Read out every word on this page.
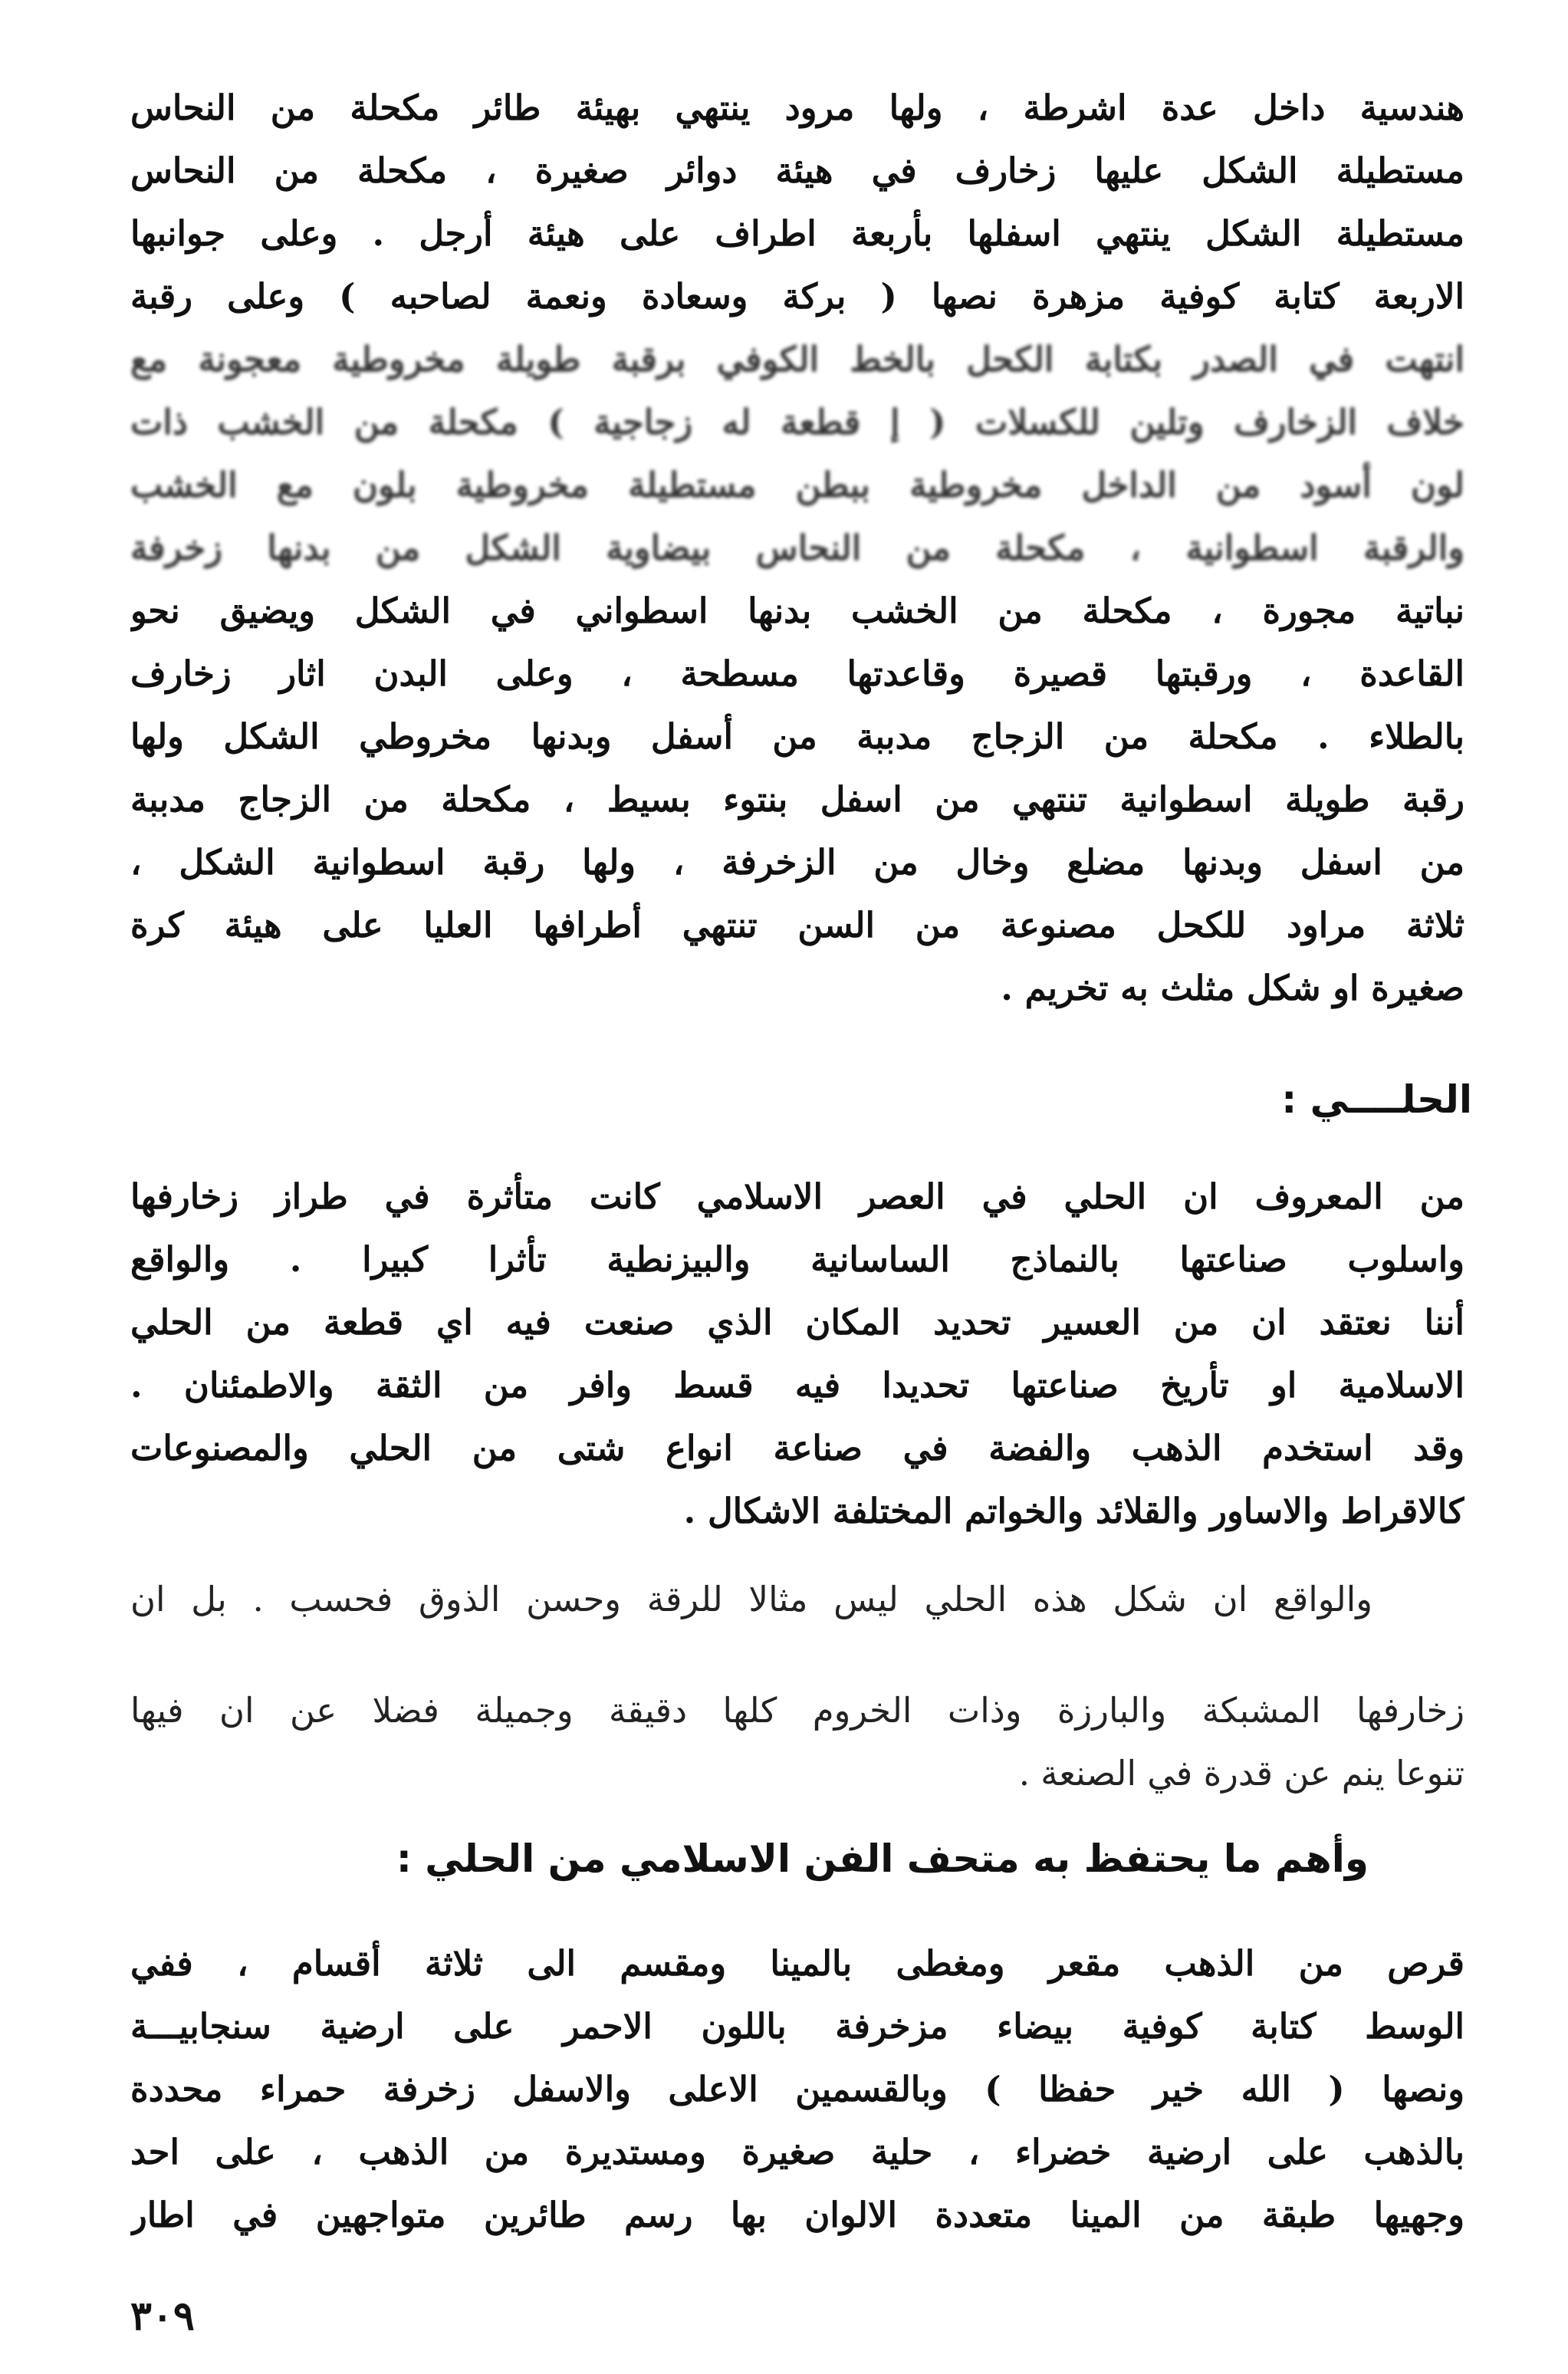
هندسية داخل عدة اشرطة ، ولها مرود ينتهي بهيئة طائر مكحلة من النحاس
مستطيلة الشكل عليها زخارف في هيئة دوائر صغيرة ، مكحلة من النحاس
مستطيلة الشكل ينتهي اسفلها بأربعة اطراف على هيئة أرجل . وعلى جوانبها
الاربعة كتابة كوفية مزهرة نصها ( بركة وسعادة ونعمة لصاحبه ) وعلى رقبة
انتهت في الصدر بكتابة الكحل بالخط الكوفي برقبة طويلة مخروطية معجونة مع
خلاف الزخارف وتلين للكسلات ( إ قطعة له زجاجية ) مكحلة من الخشب ذات
لون أسود من الداخل مخروطية ببطن مستطيلة مخروطية بلون مع الخشب
والرقبة اسطوانية ، مكحلة من النحاس بيضاوية الشكل من بدنها زخرفة
نباتية مجورة ، مكحلة من الخشب بدنها اسطواني في الشكل ويضيق نحو
القاعدة ، ورقبتها قصيرة وقاعدتها مسطحة ، وعلى البدن اثار زخارف
بالطلاء . مكحلة من الزجاج مدببة من أسفل وبدنها مخروطي الشكل ولها
رقبة طويلة اسطوانية تنتهي من اسفل بنتوء بسيط ، مكحلة من الزجاج مدببة
من اسفل وبدنها مضلع وخال من الزخرفة ، ولها رقبة اسطوانية الشكل ،
ثلاثة مراود للكحل مصنوعة من السن تنتهي أطرافها العليا على هيئة كرة
صغيرة او شكل مثلث به تخريم .
الحلــــي :
من المعروف ان الحلي في العصر الاسلامي كانت متأثرة في طراز زخارفها
واسلوب صناعتها بالنماذج الساسانية والبيزنطية تأثرا كبيرا . والواقع
أننا نعتقد ان من العسير تحديد المكان الذي صنعت فيه اي قطعة من الحلي
الاسلامية او تأريخ صناعتها تحديدا فيه قسط وافر من الثقة والاطمئنان .
وقد استخدم الذهب والفضة في صناعة انواع شتى من الحلي والمصنوعات
كالاقراط والاساور والقلائد والخواتم المختلفة الاشكال .
والواقع ان شكل هذه الحلي ليس مثالا للرقة وحسن الذوق فحسب . بل ان
زخارفها المشبكة والبارزة وذات الخروم كلها دقيقة وجميلة فضلا عن ان فيها
تنوعا ينم عن قدرة في الصنعة .
وأهم ما يحتفظ به متحف الفن الاسلامي من الحلي :
قرص من الذهب مقعر ومغطى بالمينا ومقسم الى ثلاثة أقسام ، ففي
الوسط كتابة كوفية بيضاء مزخرفة باللون الاحمر على ارضية سنجابيـــة
ونصها ( الله خير حفظا ) وبالقسمين الاعلى والاسفل زخرفة حمراء محددة
بالذهب على ارضية خضراء ، حلية صغيرة ومستديرة من الذهب ، على احد
وجهيها طبقة من المينا متعددة الالوان بها رسم طائرين متواجهين في اطار
٣٠٩
